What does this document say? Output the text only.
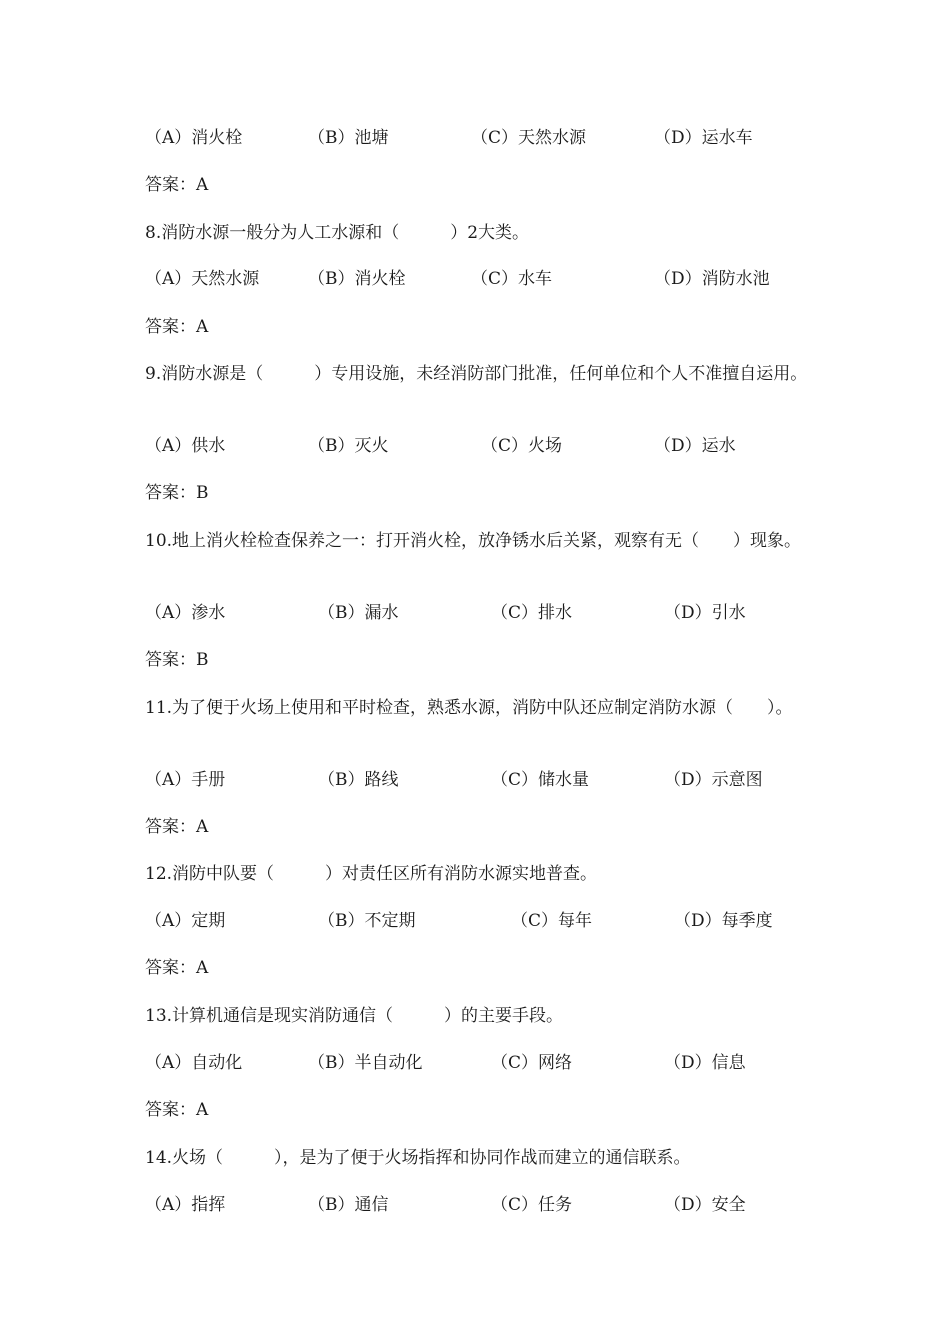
（A）消火栓	（B）池塘	（C）天然水源	（D）运水车
答案：A
8.消防水源一般分为人工水源和（　　　）2大类。
（A）天然水源	（B）消火栓	（C）水车	（D）消防水池
答案：A
9.消防水源是（　　　）专用设施，未经消防部门批准，任何单位和个人不准擅自运用。
（A）供水	（B）灭火	（C）火场	（D）运水
答案：B
10.地上消火栓检查保养之一：打开消火栓，放净锈水后关紧，观察有无（　　）现象。
（A）渗水	（B）漏水	（C）排水	（D）引水
答案：B
11.为了便于火场上使用和平时检查，熟悉水源，消防中队还应制定消防水源（　　）。
（A）手册	（B）路线	（C）储水量	（D）示意图
答案：A
12.消防中队要（　　　）对责任区所有消防水源实地普查。
（A）定期	（B）不定期	（C）每年	（D）每季度
答案：A
13.计算机通信是现实消防通信（　　　）的主要手段。
（A）自动化	（B）半自动化	（C）网络	（D）信息
答案：A
14.火场（　　　），是为了便于火场指挥和协同作战而建立的通信联系。
（A）指挥	（B）通信	（C）任务	（D）安全
